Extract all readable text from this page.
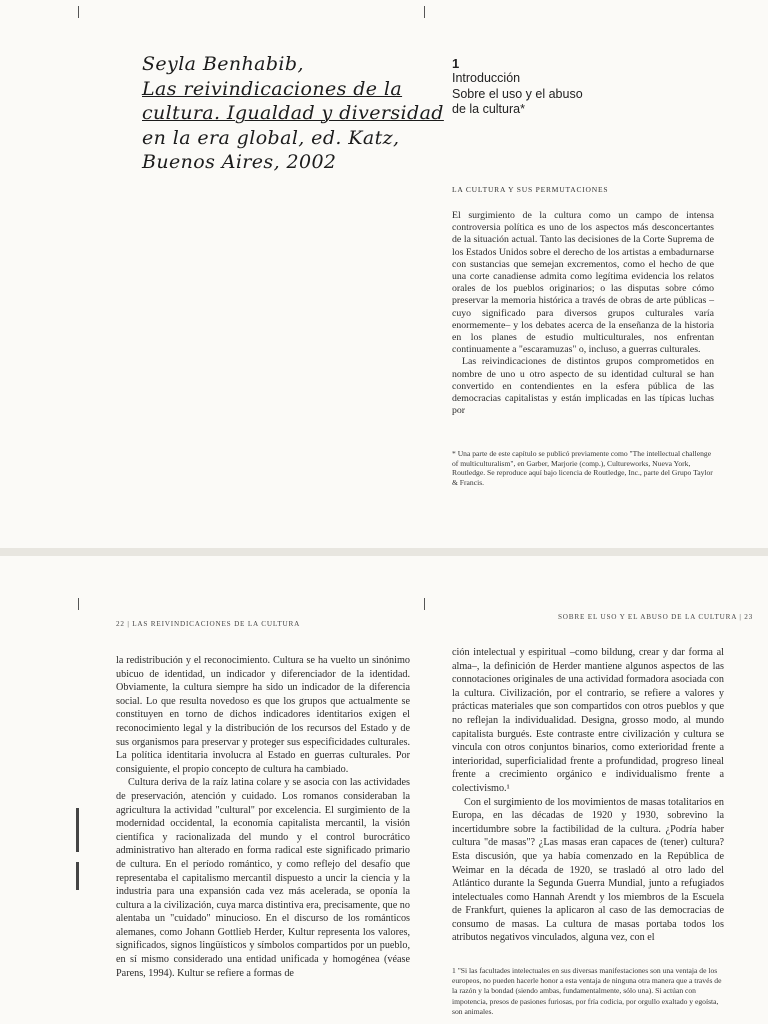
Seyla Benhabib,
Las reivindicaciones de la
cultura. Igualdad y diversidad
en la era global, ed. Katz,
Buenos Aires, 2002
1
Introducción
Sobre el uso y el abuso
de la cultura*
LA CULTURA Y SUS PERMUTACIONES

El surgimiento de la cultura como un campo de intensa controversia política es uno de los aspectos más desconcertantes de la situación actual. Tanto las decisiones de la Corte Suprema de los Estados Unidos sobre el derecho de los artistas a embadurnarse con sustancias que semejan excrementos, como el hecho de que una corte canadiense admita como legítima evidencia los relatos orales de los pueblos originarios; o las disputas sobre cómo preservar la memoria histórica a través de obras de arte públicas –cuyo significado para diversos grupos culturales varía enormemente– y los debates acerca de la enseñanza de la historia en los planes de estudio multiculturales, nos enfrentan continuamente a "escaramuzas" o, incluso, a guerras culturales.

Las reivindicaciones de distintos grupos comprometidos en nombre de uno u otro aspecto de su identidad cultural se han convertido en contendientes en la esfera pública de las democracias capitalistas y están implicadas en las típicas luchas por

* Una parte de este capítulo se publicó previamente como "The intellectual challenge of multiculturalism", en Garber, Marjorie (comp.), Cultureworks, Nueva York, Routledge. Se reproduce aquí bajo licencia de Routledge, Inc., parte del Grupo Taylor & Francis.
22 | LAS REIVINDICACIONES DE LA CULTURA
SOBRE EL USO Y EL ABUSO DE LA CULTURA | 23

la redistribución y el reconocimiento. Cultura se ha vuelto un sinónimo ubicuo de identidad, un indicador y diferenciador de la identidad. Obviamente, la cultura siempre ha sido un indicador de la diferencia social. Lo que resulta novedoso es que los grupos que actualmente se constituyen en torno de dichos indicadores identitarios exigen el reconocimiento legal y la distribución de los recursos del Estado y de sus organismos para preservar y proteger sus especificidades culturales. La política identitaria involucra al Estado en guerras culturales. Por consiguiente, el propio concepto de cultura ha cambiado.

Cultura deriva de la raíz latina colare y se asocia con las actividades de preservación, atención y cuidado. Los romanos consideraban la agricultura la actividad "cultural" por excelencia. El surgimiento de la modernidad occidental, la economía capitalista mercantil, la visión científica y racionalizada del mundo y el control burocrático administrativo han alterado en forma radical este significado primario de cultura. En el período romántico, y como reflejo del desafío que representaba el capitalismo mercantil dispuesto a uncir la ciencia y la industria para una expansión cada vez más acelerada, se oponía la cultura a la civilización, cuya marca distintiva era, precisamente, que no alentaba un "cuidado" minucioso. En el discurso de los románticos alemanes, como Johann Gottlieb Herder, Kultur representa los valores, significados, signos lingüísticos y símbolos compartidos por un pueblo, en sí mismo considerado una entidad unificada y homogénea (véase Parens, 1994). Kultur se refiere a formas de

ción intelectual y espiritual –como bildung, crear y dar forma al alma–, la definición de Herder mantiene algunos aspectos de las connotaciones originales de una actividad formadora asociada con la cultura. Civilización, por el contrario, se refiere a valores y prácticas materiales que son compartidos con otros pueblos y que no reflejan la individualidad. Designa, grosso modo, al mundo capitalista burgués. Este contraste entre civilización y cultura se vincula con otros conjuntos binarios, como exterioridad frente a interioridad, superficialidad frente a profundidad, progreso lineal frente a crecimiento orgánico e individualismo frente a colectivismo.¹

Con el surgimiento de los movimientos de masas totalitarios en Europa, en las décadas de 1920 y 1930, sobrevino la incertidumbre sobre la factibilidad de la cultura. ¿Podría haber cultura "de masas"? ¿Las masas eran capaces de (tener) cultura? Esta discusión, que ya había comenzado en la República de Weimar en la década de 1920, se trasladó al otro lado del Atlántico durante la Segunda Guerra Mundial, junto a refugiados intelectuales como Hannah Arendt y los miembros de la Escuela de Frankfurt, quienes la aplicaron al caso de las democracias de consumo de masas. La cultura de masas portaba todos los atributos negativos vinculados, alguna vez, con el

1 "Si las facultades intelectuales en sus diversas manifestaciones son una ventaja de los europeos, no pueden hacerle honor a esta ventaja de ninguna otra manera que a través de la razón y la bondad (siendo ambas, fundamentalmente, sólo una). Si actúan con impotencia, presos de pasiones furiosas, por fría codicia, por orgullo exaltado y egoísta, son animales.
